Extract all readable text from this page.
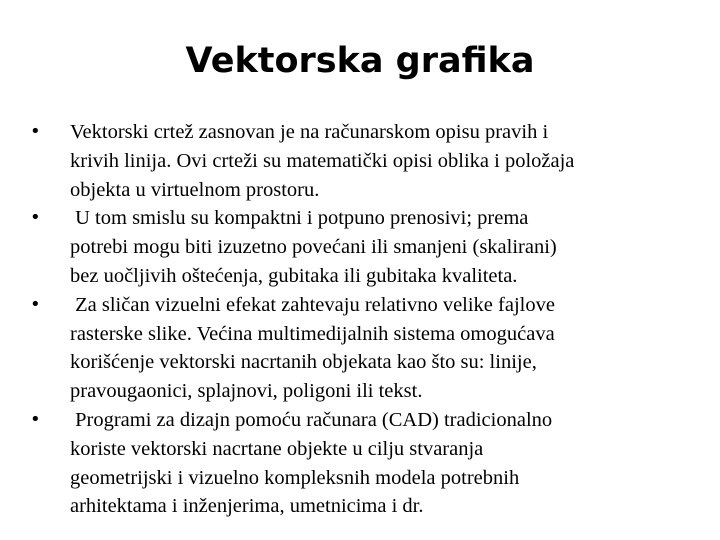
Vektorska grafika
• Vektorski crtež zasnovan je na računarskom opisu pravih i
krivih linija. Ovi crteži su matematički opisi oblika i položaja
objekta u virtuelnom prostoru.
• U tom smislu su kompaktni i potpuno prenosivi; prema
potrebi mogu biti izuzetno povećani ili smanjeni (skalirani)
bez uočljivih oštećenja, gubitaka ili gubitaka kvaliteta.
• Za sličan vizuelni efekat zahtevaju relativno velike fajlove
rasterske slike. Većina multimedijalnih sistema omogućava
korišćenje vektorski nacrtanih objekata kao što su: linije,
pravougaonici, splajnovi, poligoni ili tekst.
• Programi za dizajn pomoću računara (CAD) tradicionalno
koriste vektorski nacrtane objekte u cilju stvaranja
geometrijski i vizuelno kompleksnih modela potrebnih
arhitektama i inženjerima, umetnicima i dr.
